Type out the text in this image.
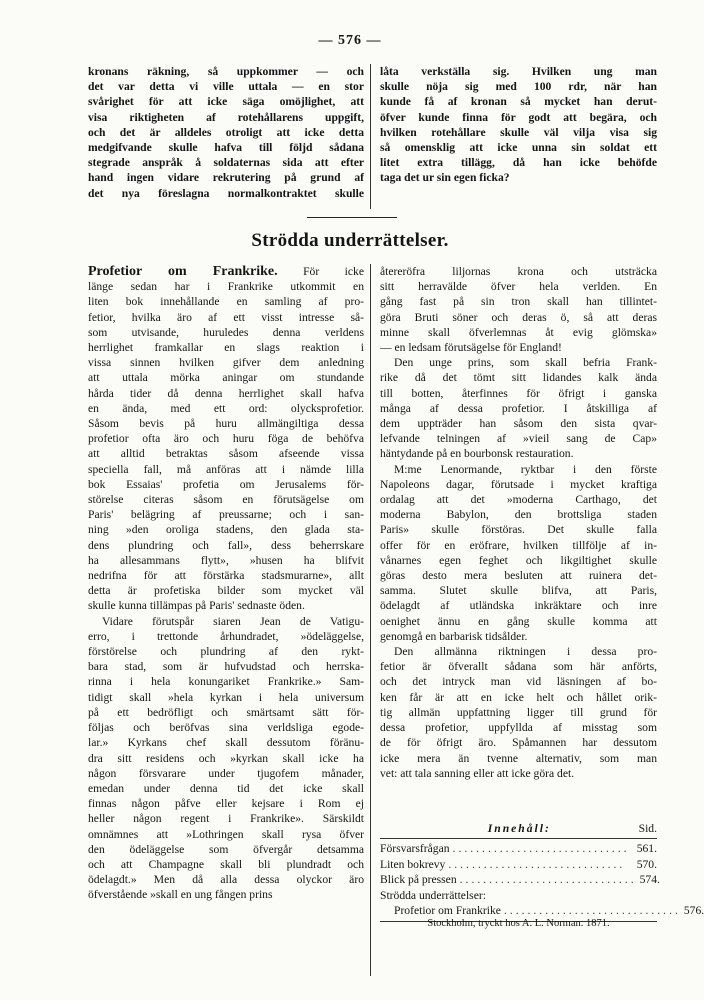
— 576 —
kronans räkning, så uppkommer — och
det var detta vi ville uttala — en stor
svårighet för att icke säga omöjlighet, att
visa riktigheten af rotehållarens uppgift,
och det är alldeles otroligt att icke detta
medgifvande skulle hafva till följd sådana
stegrade anspråk å soldaternas sida att efter
hand ingen vidare rekrutering på grund af
det nya föreslagna normalkontraktet skulle
låta verkställa sig. Hvilken ung man
skulle nöja sig med 100 rdr, när han
kunde få af kronan så mycket han derut-
öfver kunde finna för godt att begära, och
hvilken rotehållare skulle väl vilja visa sig
så omensklig att icke unna sin soldat ett
litet extra tillägg, då han icke behöfde
taga det ur sin egen ficka?
Strödda underrättelser.
Profetior om Frankrike. För icke
länge sedan har i Frankrike utkommit en
liten bok innehållande en samling af pro-
fetior, hvilka äro af ett visst intresse så-
som utvisande, huruledes denna verldens
herrlighet framkallar en slags reaktion i
vissa sinnen hvilken gifver dem anledning
att uttala mörka aningar om stundande
hårda tider då denna herrlighet skall hafva
en ända, med ett ord: olycksprofetior.
Såsom bevis på huru allmängiltiga dessa
profetior ofta äro och huru föga de behöfva
att alltid betraktas såsom afseende vissa
speciella fall, må anföras att i nämde lilla
bok Essaias' profetia om Jerusalems för-
störelse citeras såsom en förutsägelse om
Paris' belägring af preussarne; och i san-
ning »den oroliga stadens, den glada sta-
dens plundring och fall», dess beherrskare
ha allesammans flytt», »husen ha blifvit
nedrifna för att förstärka stadsmurarne», allt
detta är profetiska bilder som mycket väl
skulle kunna tillämpas på Paris' sednaste öden.
Vidare förutspår siaren Jean de Vatigu-
erro, i trettonde århundradet, »ödeläggelse,
förstörelse och plundring af den rykt-
bara stad, som är hufvudstad och herrska-
rinna i hela konungariket Frankrike.» Sam-
tidigt skall »hela kyrkan i hela universum
på ett bedröfligt och smärtsamt sätt för-
följas och beröfvas sina verldsliga egode-
lar.» Kyrkans chef skall dessutom föränu-
dra sitt residens och »kyrkan skall icke ha
någon försvarare under tjugofem månader,
emedan under denna tid det icke skall
finnas någon påfve eller kejsare i Rom ej
heller någon regent i Frankrike». Särskildt
omnämnes att »Lothringen skall rysa öfver
den ödeläggelse som öfvergår detsamma
och att Champagne skall bli plundradt och
ödelagdt.» Men då alla dessa olyckor äro
öfverstående »skall en ung fången prins
återeröfra liljornas krona och utsträcka
sitt herravälde öfver hela verlden. En
gång fast på sin tron skall han tillintet-
göra Bruti söner och deras ö, så att deras
minne skall öfverlemnas åt evig glömska»
— en ledsam förutsägelse för England!
Den unge prins, som skall befria Frank-
rike då det tömt sitt lidandes kalk ända
till botten, återfinnes för öfrigt i ganska
många af dessa profetior. I åtskilliga af
dem uppträder han såsom den sista qvar-
lefvande telningen af »vieil sang de Cap»
häntydande på en bourbonsk restauration.
M:me Lenormande, ryktbar i den förste
Napoleons dagar, förutsade i mycket kraftiga
ordalag att det »moderna Carthago, det
moderna Babylon, den brottsliga staden
Paris» skulle förstöras. Det skulle falla
offer för en eröfrare, hvilken tillfölje af in-
vånarnes egen feghet och likgiltighet skulle
göras desto mera besluten att ruinera det-
samma. Slutet skulle blifva, att Paris,
ödelagdt af utländska inkräktare och inre
oenighet ännu en gång skulle komma att
genomgå en barbarisk tidsålder.
Den allmänna riktningen i dessa pro-
fetior är öfverallt sådana som här anförts,
och det intryck man vid läsningen af bo-
ken får är att en icke helt och hållet orik-
tig allmän uppfattning ligger till grund för
dessa profetior, uppfyllda af misstag som
de för öfrigt äro. Spåmannen har dessutom
icke mera än tvenne alternativ, som man
vet: att tala sanning eller att icke göra det.
Innehåll:	Sid.
Försvarsfrågan .............................. 561.
Liten bokrevy .............................. 570.
Blick på pressen .............................. 574.
Strödda underrättelser:
Profetior om Frankrike .............................. 576.
Stockholm, tryckt hos A. L. Norman. 1871.
